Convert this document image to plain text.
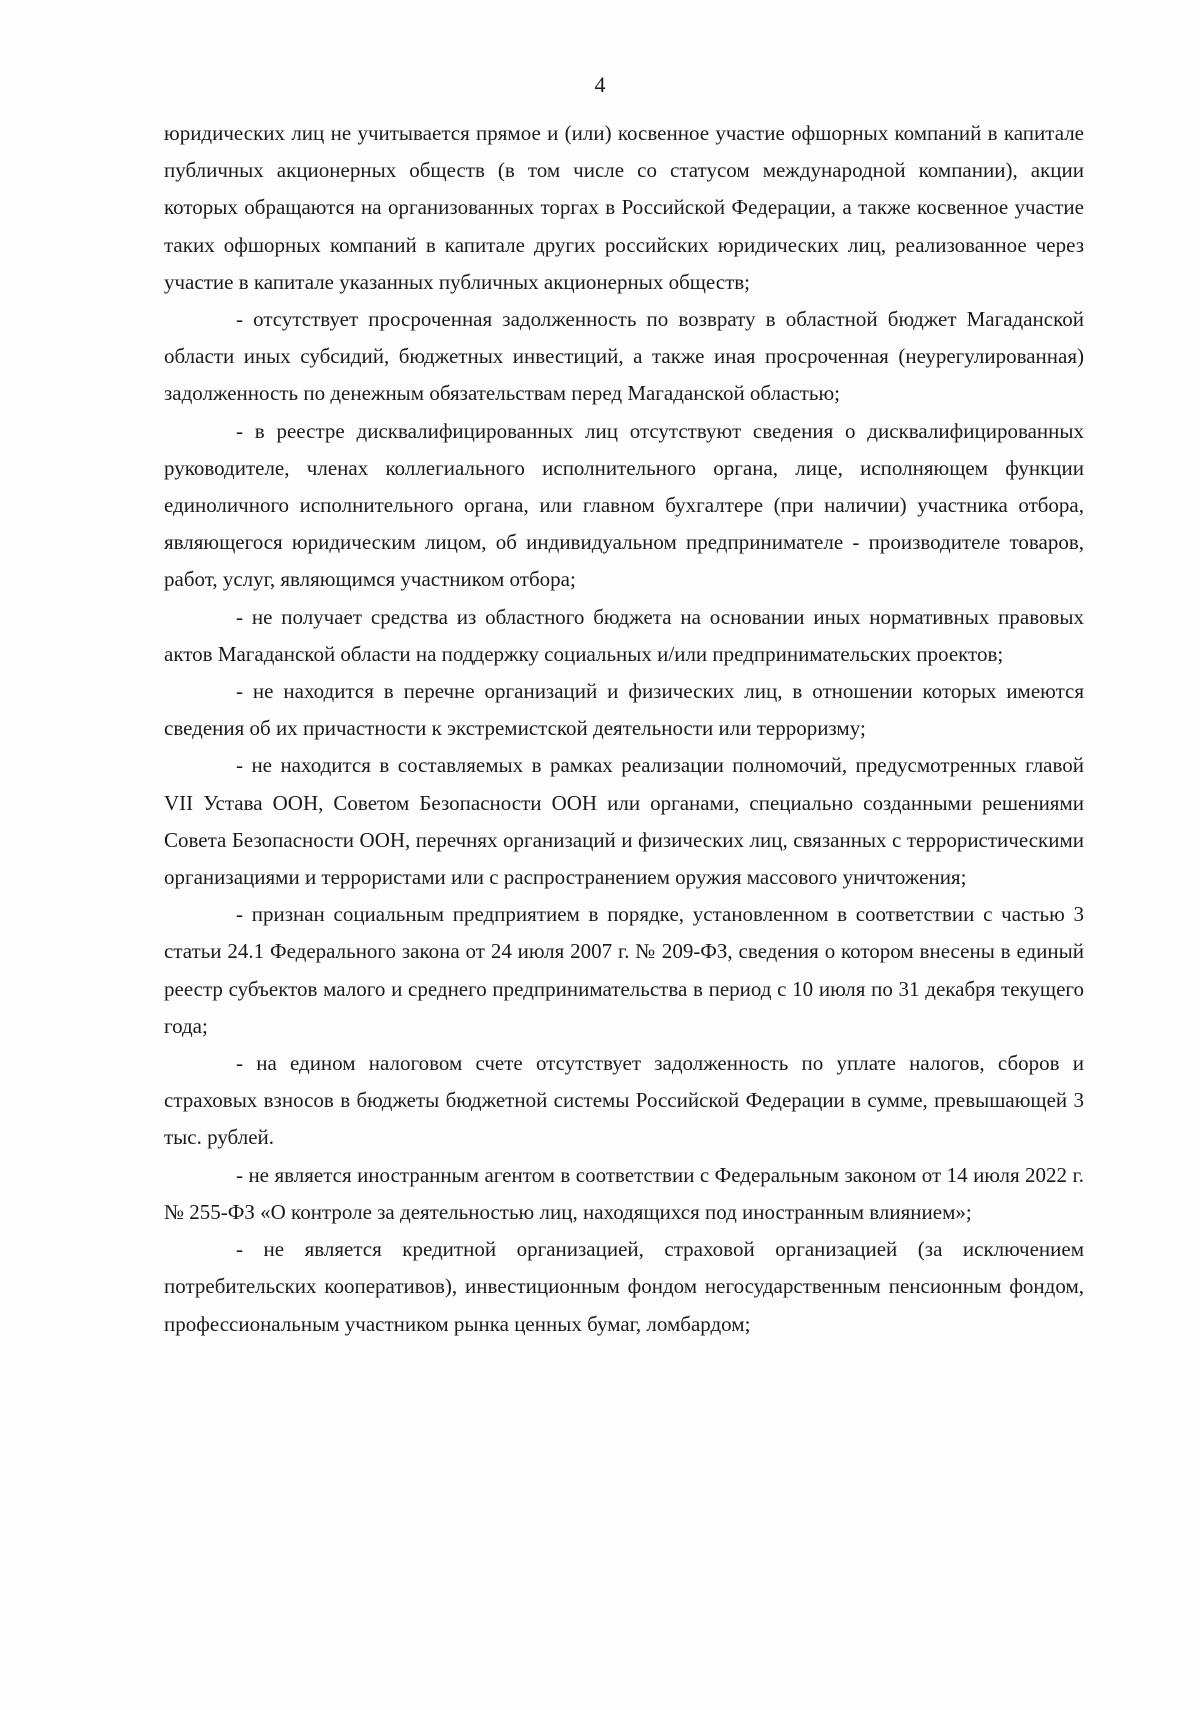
4

юридических лиц не учитывается прямое и (или) косвенное участие офшорных компаний в капитале публичных акционерных обществ (в том числе со статусом международной компании), акции которых обращаются на организованных торгах в Российской Федерации, а также косвенное участие таких офшорных компаний в капитале других российских юридических лиц, реализованное через участие в капитале указанных публичных акционерных обществ;

- отсутствует просроченная задолженность по возврату в областной бюджет Магаданской области иных субсидий, бюджетных инвестиций, а также иная просроченная (неурегулированная) задолженность по денежным обязательствам перед Магаданской областью;

- в реестре дисквалифицированных лиц отсутствуют сведения о дисквалифицированных руководителе, членах коллегиального исполнительного органа, лице, исполняющем функции единоличного исполнительного органа, или главном бухгалтере (при наличии) участника отбора, являющегося юридическим лицом, об индивидуальном предпринимателе - производителе товаров, работ, услуг, являющимся участником отбора;

- не получает средства из областного бюджета на основании иных нормативных правовых актов Магаданской области на поддержку социальных и/или предпринимательских проектов;

- не находится в перечне организаций и физических лиц, в отношении которых имеются сведения об их причастности к экстремистской деятельности или терроризму;

- не находится в составляемых в рамках реализации полномочий, предусмотренных главой VII Устава ООН, Советом Безопасности ООН или органами, специально созданными решениями Совета Безопасности ООН, перечнях организаций и физических лиц, связанных с террористическими организациями и террористами или с распространением оружия массового уничтожения;

- признан социальным предприятием в порядке, установленном в соответствии с частью 3 статьи 24.1 Федерального закона от 24 июля 2007 г. № 209-ФЗ, сведения о котором внесены в единый реестр субъектов малого и среднего предпринимательства в период с 10 июля по 31 декабря текущего года;

- на едином налоговом счете отсутствует задолженность по уплате налогов, сборов и страховых взносов в бюджеты бюджетной системы Российской Федерации в сумме, превышающей 3 тыс. рублей.

- не является иностранным агентом в соответствии с Федеральным законом от 14 июля 2022 г. № 255-ФЗ «О контроле за деятельностью лиц, находящихся под иностранным влиянием»;

- не является кредитной организацией, страховой организацией (за исключением потребительских кооперативов), инвестиционным фондом негосударственным пенсионным фондом, профессиональным участником рынка ценных бумаг, ломбардом;
